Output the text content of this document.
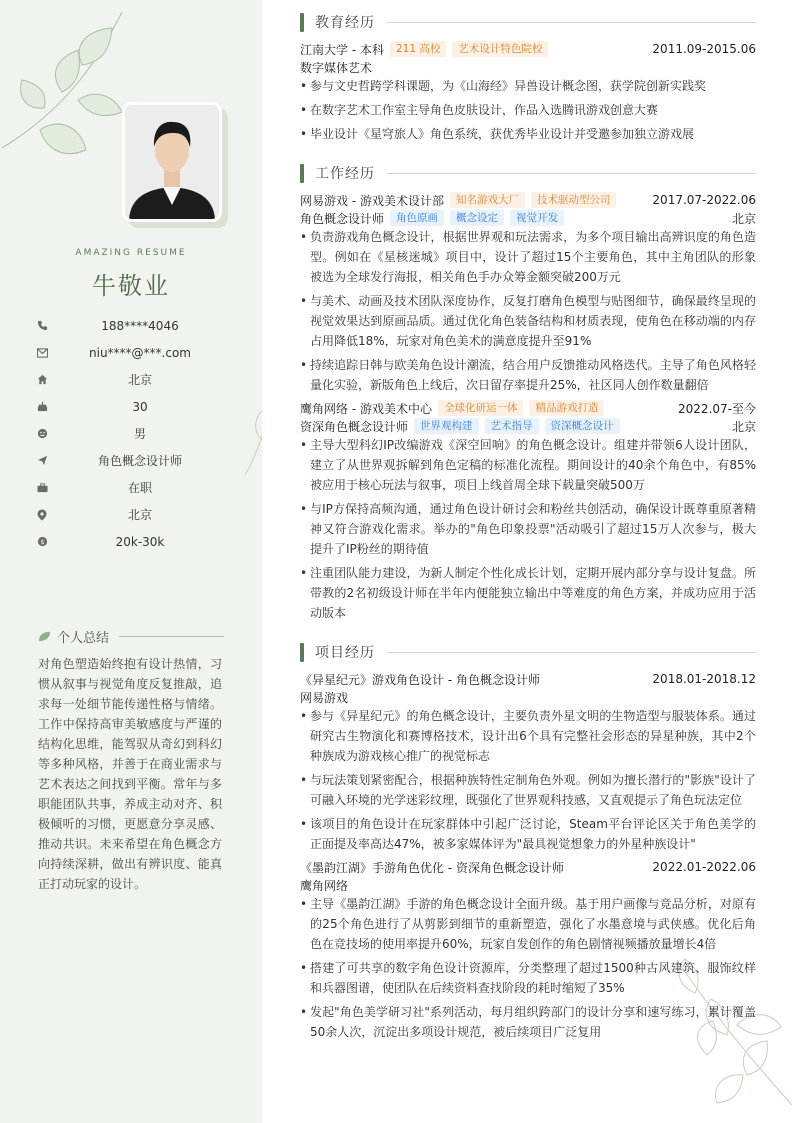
AMAZING RESUME
牛敬业
188****4046
niu****@***.com
北京
30
男
角色概念设计师
在职
北京
$	20k-30k
个人总结
对角色塑造始终抱有设计热情，习惯从叙事与视觉角度反复推敲，追求每一处细节能传递性格与情绪。工作中保持高审美敏感度与严谨的结构化思维，能驾驭从奇幻到科幻等多种风格，并善于在商业需求与艺术表达之间找到平衡。常年与多职能团队共事，养成主动对齐、积极倾听的习惯，更愿意分享灵感、推动共识。未来希望在角色概念方向持续深耕，做出有辨识度、能真正打动玩家的设计。
教育经历
江南大学 - 本科	211 高校	艺术设计特色院校	2011.09-2015.06
数字媒体艺术
• 参与文史哲跨学科课题，为《山海经》异兽设计概念图，获学院创新实践奖
• 在数字艺术工作室主导角色皮肤设计，作品入选腾讯游戏创意大赛
• 毕业设计《星穹旅人》角色系统，获优秀毕业设计并受邀参加独立游戏展
工作经历
网易游戏 - 游戏美术设计部	知名游戏大厂	技术驱动型公司	2017.07-2022.06
角色概念设计师	角色原画	概念设定	视觉开发	北京
• 负责游戏角色概念设计，根据世界观和玩法需求，为多个项目输出高辨识度的角色造型。例如在《星核迷城》项目中，设计了超过15个主要角色，其中主角团队的形象被选为全球发行海报，相关角色手办众筹金额突破200万元
• 与美术、动画及技术团队深度协作，反复打磨角色模型与贴图细节，确保最终呈现的视觉效果达到原画品质。通过优化角色装备结构和材质表现，使角色在移动端的内存占用降低18%，玩家对角色美术的满意度提升至91%
• 持续追踪日韩与欧美角色设计潮流，结合用户反馈推动风格迭代。主导了角色风格轻量化实验，新版角色上线后，次日留存率提升25%，社区同人创作数量翻倍
鹰角网络 - 游戏美术中心	全球化研运一体	精品游戏打造	2022.07-至今
资深角色概念设计师	世界观构建	艺术指导	资深概念设计	北京
• 主导大型科幻IP改编游戏《深空回响》的角色概念设计。组建并带领6人设计团队，建立了从世界观拆解到角色定稿的标准化流程。期间设计的40余个角色中，有85%被应用于核心玩法与叙事，项目上线首周全球下载量突破500万
• 与IP方保持高频沟通，通过角色设计研讨会和粉丝共创活动，确保设计既尊重原著精神又符合游戏化需求。举办的"角色印象投票"活动吸引了超过15万人次参与，极大提升了IP粉丝的期待值
• 注重团队能力建设，为新人制定个性化成长计划，定期开展内部分享与设计复盘。所带教的2名初级设计师在半年内便能独立输出中等难度的角色方案，并成功应用于活动版本
项目经历
《异星纪元》游戏角色设计 - 角色概念设计师	2018.01-2018.12
网易游戏
• 参与《异星纪元》的角色概念设计，主要负责外星文明的生物造型与服装体系。通过研究古生物演化和赛博格技术，设计出6个具有完整社会形态的异星种族，其中2个种族成为游戏核心推广的视觉标志
• 与玩法策划紧密配合，根据种族特性定制角色外观。例如为擅长潜行的"影族"设计了可融入环境的光学迷彩纹理，既强化了世界观科技感，又直观提示了角色玩法定位
• 该项目的角色设计在玩家群体中引起广泛讨论，Steam平台评论区关于角色美学的正面提及率高达47%，被多家媒体评为"最具视觉想象力的外星种族设计"
《墨韵江湖》手游角色优化 - 资深角色概念设计师	2022.01-2022.06
鹰角网络
• 主导《墨韵江湖》手游的角色概念设计全面升级。基于用户画像与竞品分析，对原有的25个角色进行了从剪影到细节的重新塑造，强化了水墨意境与武侠感。优化后角色在竞技场的使用率提升60%，玩家自发创作的角色剧情视频播放量增长4倍
• 搭建了可共享的数字角色设计资源库，分类整理了超过1500种古风建筑、服饰纹样和兵器图谱，使团队在后续资料查找阶段的耗时缩短了35%
• 发起"角色美学研习社"系列活动，每月组织跨部门的设计分享和速写练习，累计覆盖50余人次，沉淀出多项设计规范，被后续项目广泛复用
